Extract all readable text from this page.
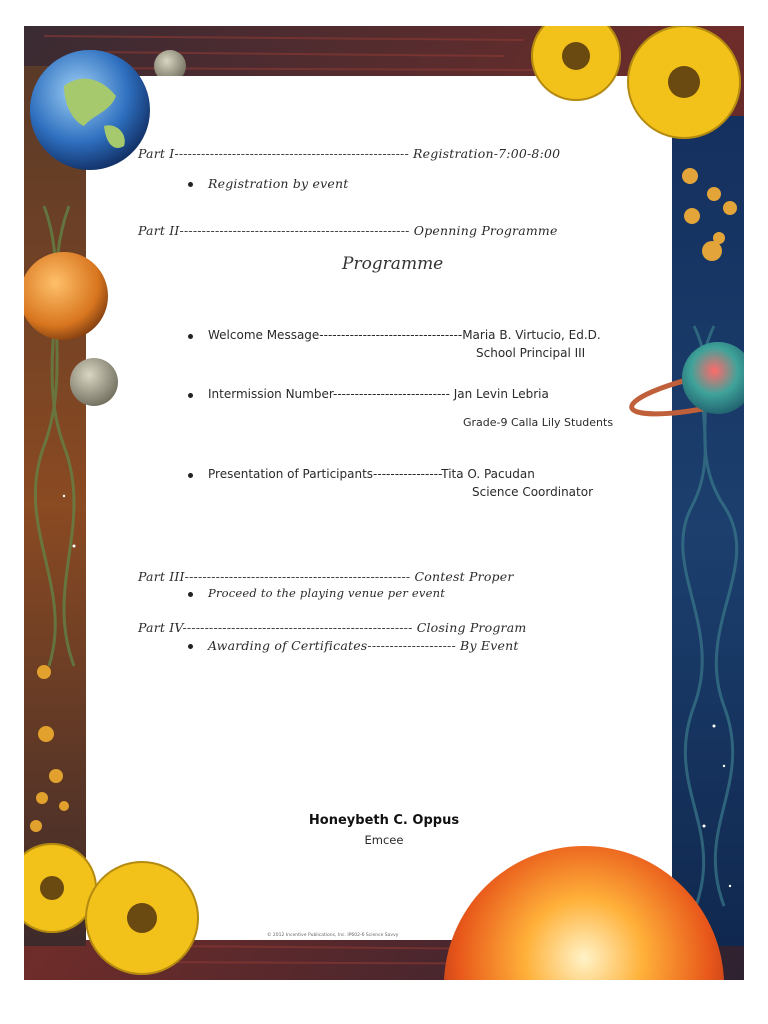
© 2012 Incentive Publications, Inc. IP602-6 Science Savvy
Part I----------------------------------------------------- Registration-7:00-8:00
Registration by event
Part II---------------------------------------------------- Openning Programme
Programme
Welcome Message---------------------------------Maria B. Virtucio, Ed.D.
School Principal III
Intermission Number--------------------------- Jan Levin Lebria
Grade-9 Calla Lily Students
Presentation of Participants----------------Tita O. Pacudan
Science Coordinator
Part III--------------------------------------------------- Contest Proper
Proceed to the playing venue per event
Part IV---------------------------------------------------- Closing Program
Awarding of Certificates-------------------- By Event
Honeybeth C. Oppus
Emcee
